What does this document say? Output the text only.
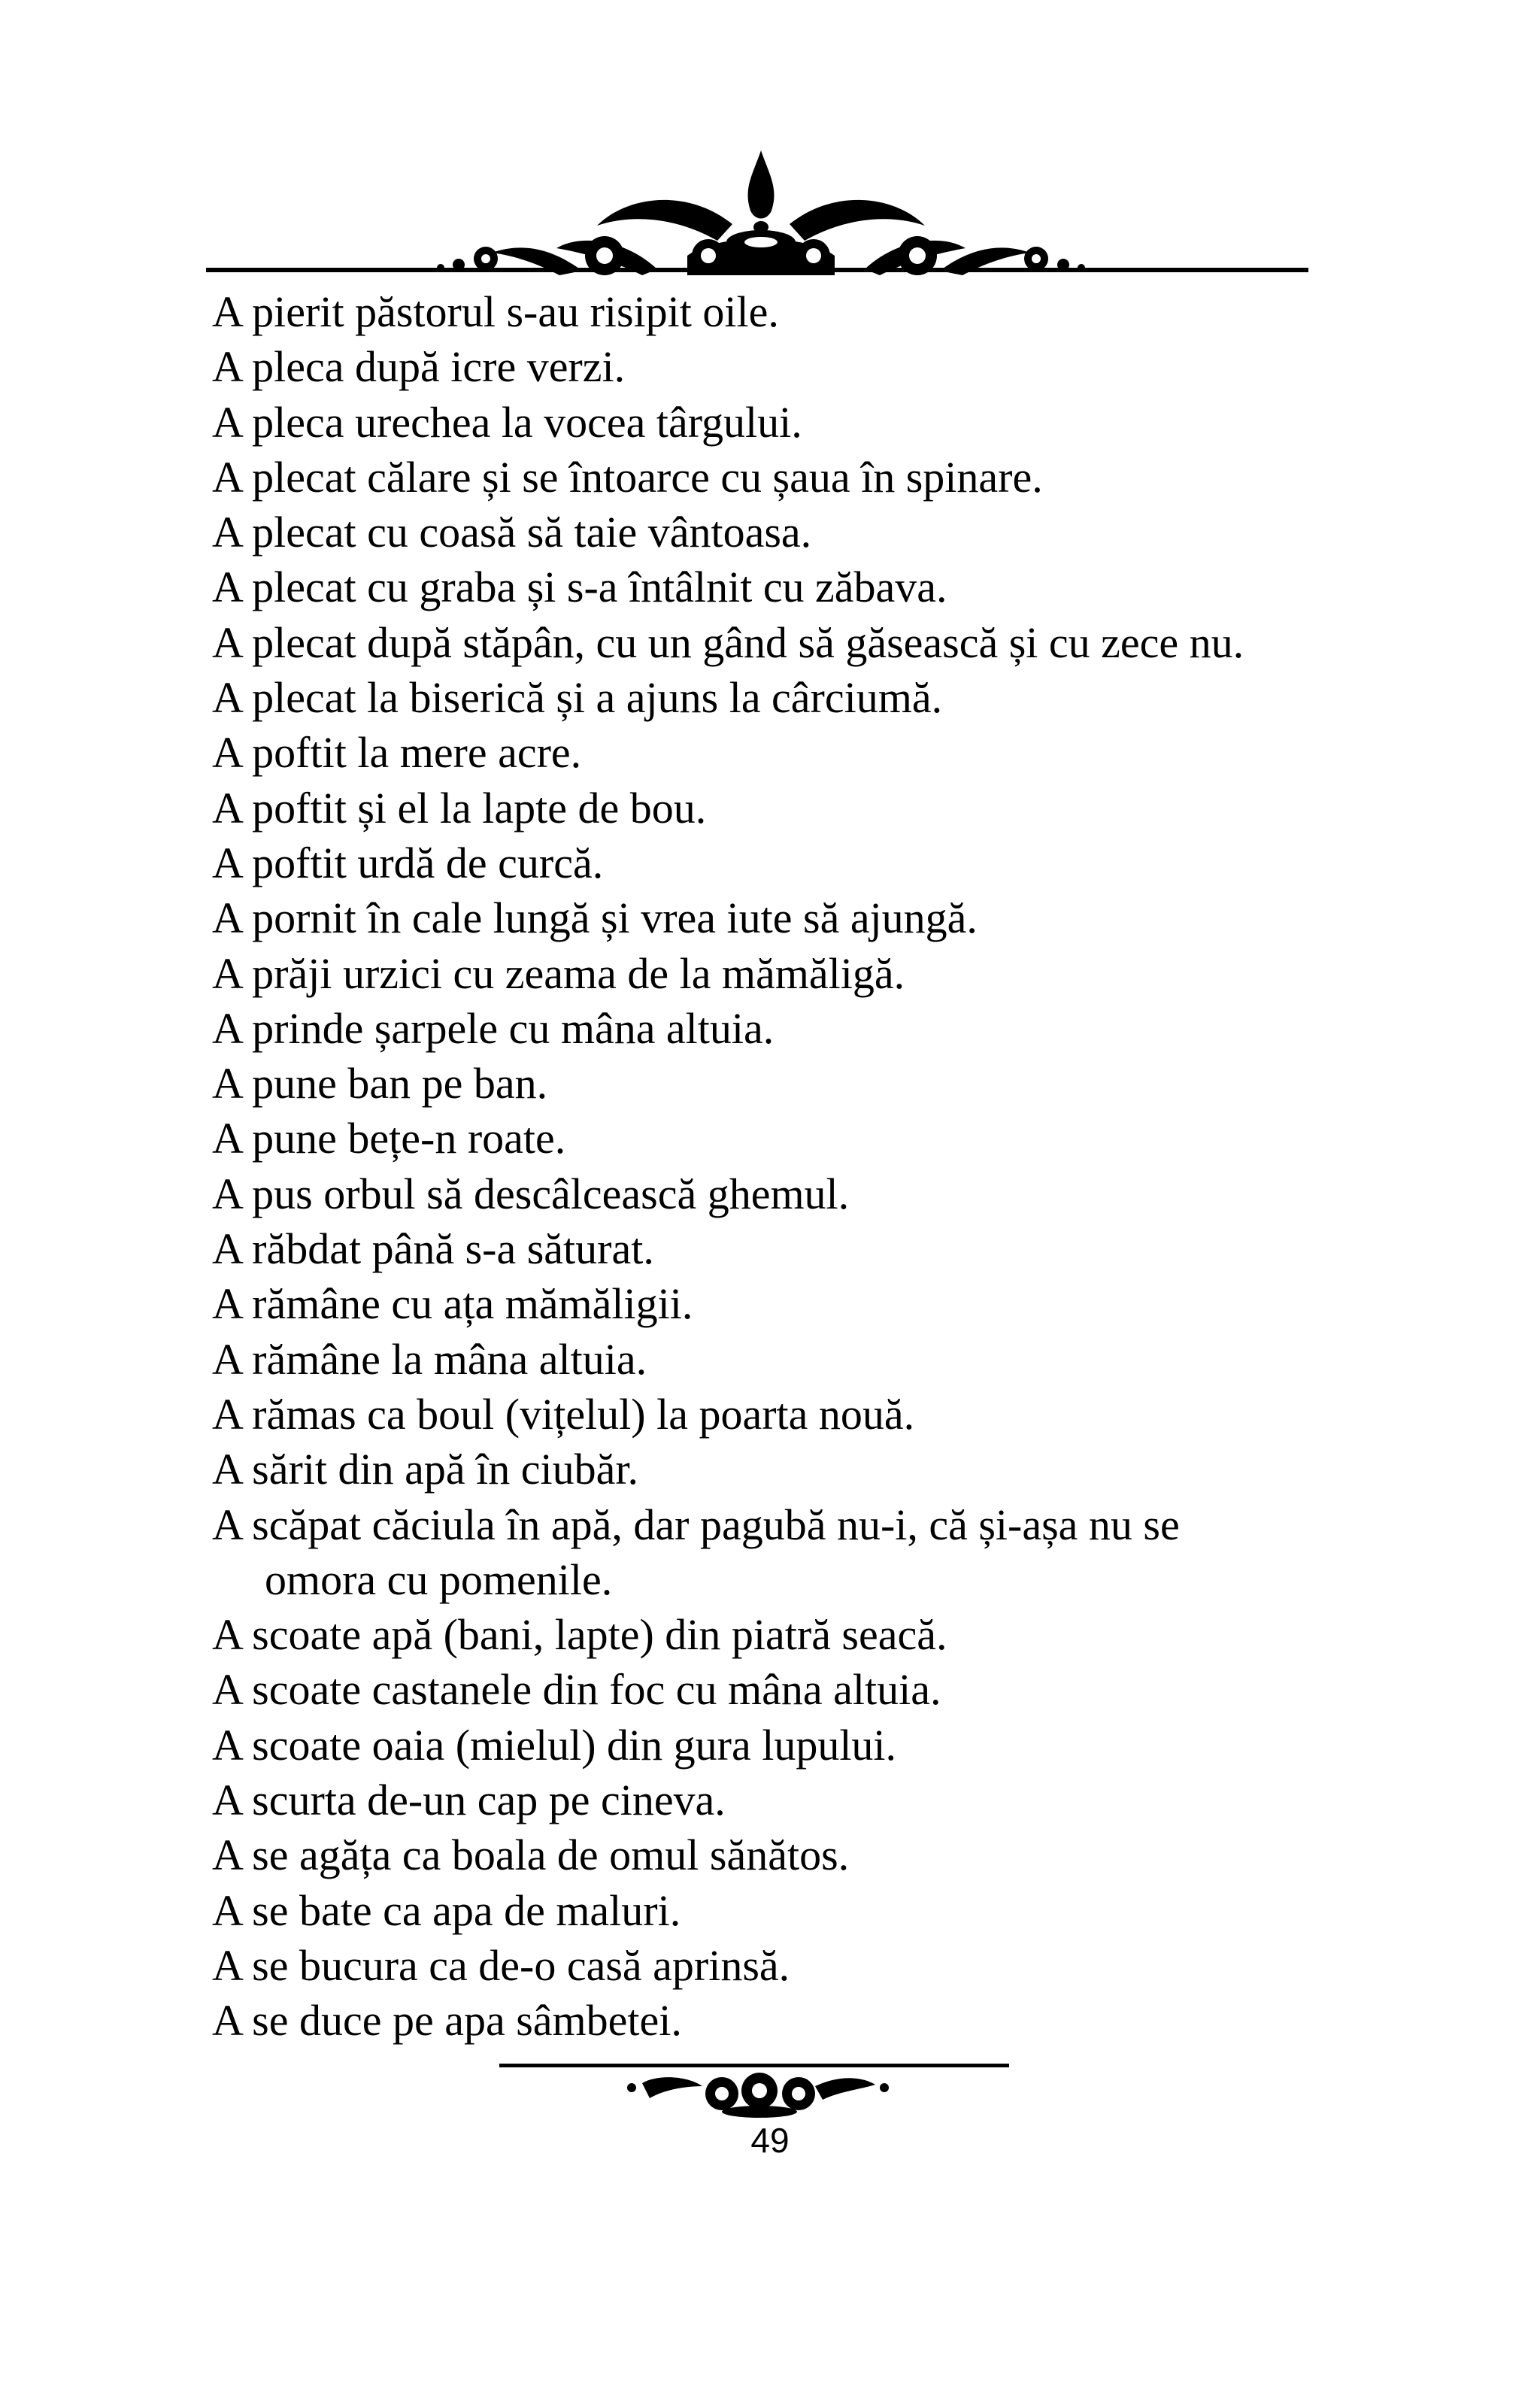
A pierit păstorul s-au risipit oile.
A pleca după icre verzi.
A pleca urechea la vocea târgului.
A plecat călare și se întoarce cu șaua în spinare.
A plecat cu coasă să taie vântoasa.
A plecat cu graba și s-a întâlnit cu zăbava.
A plecat după stăpân, cu un gând să găsească și cu zece nu.
A plecat la biserică și a ajuns la cârciumă.
A poftit la mere acre.
A poftit și el la lapte de bou.
A poftit urdă de curcă.
A pornit în cale lungă și vrea iute să ajungă.
A prăji urzici cu zeama de la mămăligă.
A prinde șarpele cu mâna altuia.
A pune ban pe ban.
A pune bețe-n roate.
A pus orbul să descâlcească ghemul.
A răbdat până s-a săturat.
A rămâne cu ața mămăligii.
A rămâne la mâna altuia.
A rămas ca boul (vițelul) la poarta nouă.
A sărit din apă în ciubăr.
A scăpat căciula în apă, dar pagubă nu-i, că și-așa nu se
omora cu pomenile.
A scoate apă (bani, lapte) din piatră seacă.
A scoate castanele din foc cu mâna altuia.
A scoate oaia (mielul) din gura lupului.
A scurta de-un cap pe cineva.
A se agăța ca boala de omul sănătos.
A se bate ca apa de maluri.
A se bucura ca de-o casă aprinsă.
A se duce pe apa sâmbetei.
49
